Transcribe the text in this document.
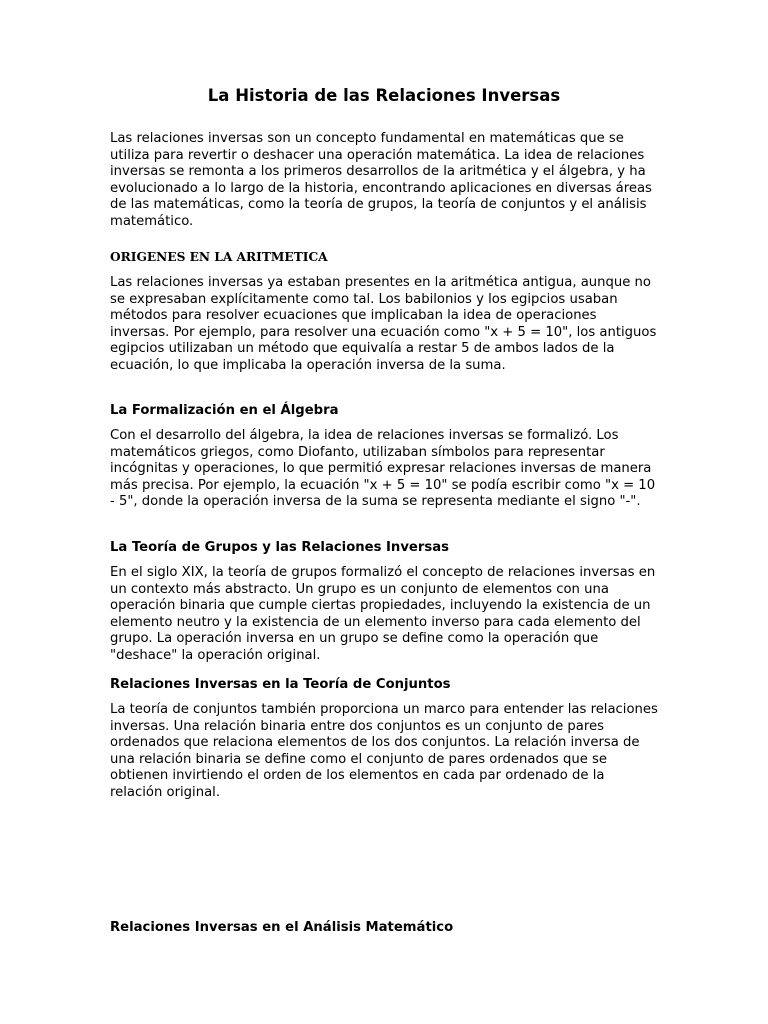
La Historia de las Relaciones Inversas

Las relaciones inversas son un concepto fundamental en matemáticas que se utiliza para revertir o deshacer una operación matemática. La idea de relaciones inversas se remonta a los primeros desarrollos de la aritmética y el álgebra, y ha evolucionado a lo largo de la historia, encontrando aplicaciones en diversas áreas de las matemáticas, como la teoría de grupos, la teoría de conjuntos y el análisis matemático.

ORIGENES EN LA ARITMETICA

Las relaciones inversas ya estaban presentes en la aritmética antigua, aunque no se expresaban explícitamente como tal. Los babilonios y los egipcios usaban métodos para resolver ecuaciones que implicaban la idea de operaciones inversas. Por ejemplo, para resolver una ecuación como "x + 5 = 10", los antiguos egipcios utilizaban un método que equivalía a restar 5 de ambos lados de la ecuación, lo que implicaba la operación inversa de la suma.

La Formalización en el Álgebra

Con el desarrollo del álgebra, la idea de relaciones inversas se formalizó. Los matemáticos griegos, como Diofanto, utilizaban símbolos para representar incógnitas y operaciones, lo que permitió expresar relaciones inversas de manera más precisa. Por ejemplo, la ecuación "x + 5 = 10" se podía escribir como "x = 10 - 5", donde la operación inversa de la suma se representa mediante el signo "-".

La Teoría de Grupos y las Relaciones Inversas

En el siglo XIX, la teoría de grupos formalizó el concepto de relaciones inversas en un contexto más abstracto. Un grupo es un conjunto de elementos con una operación binaria que cumple ciertas propiedades, incluyendo la existencia de un elemento neutro y la existencia de un elemento inverso para cada elemento del grupo. La operación inversa en un grupo se define como la operación que "deshace" la operación original.

Relaciones Inversas en la Teoría de Conjuntos

La teoría de conjuntos también proporciona un marco para entender las relaciones inversas. Una relación binaria entre dos conjuntos es un conjunto de pares ordenados que relaciona elementos de los dos conjuntos. La relación inversa de una relación binaria se define como el conjunto de pares ordenados que se obtienen invirtiendo el orden de los elementos en cada par ordenado de la relación original.

Relaciones Inversas en el Análisis Matemático
